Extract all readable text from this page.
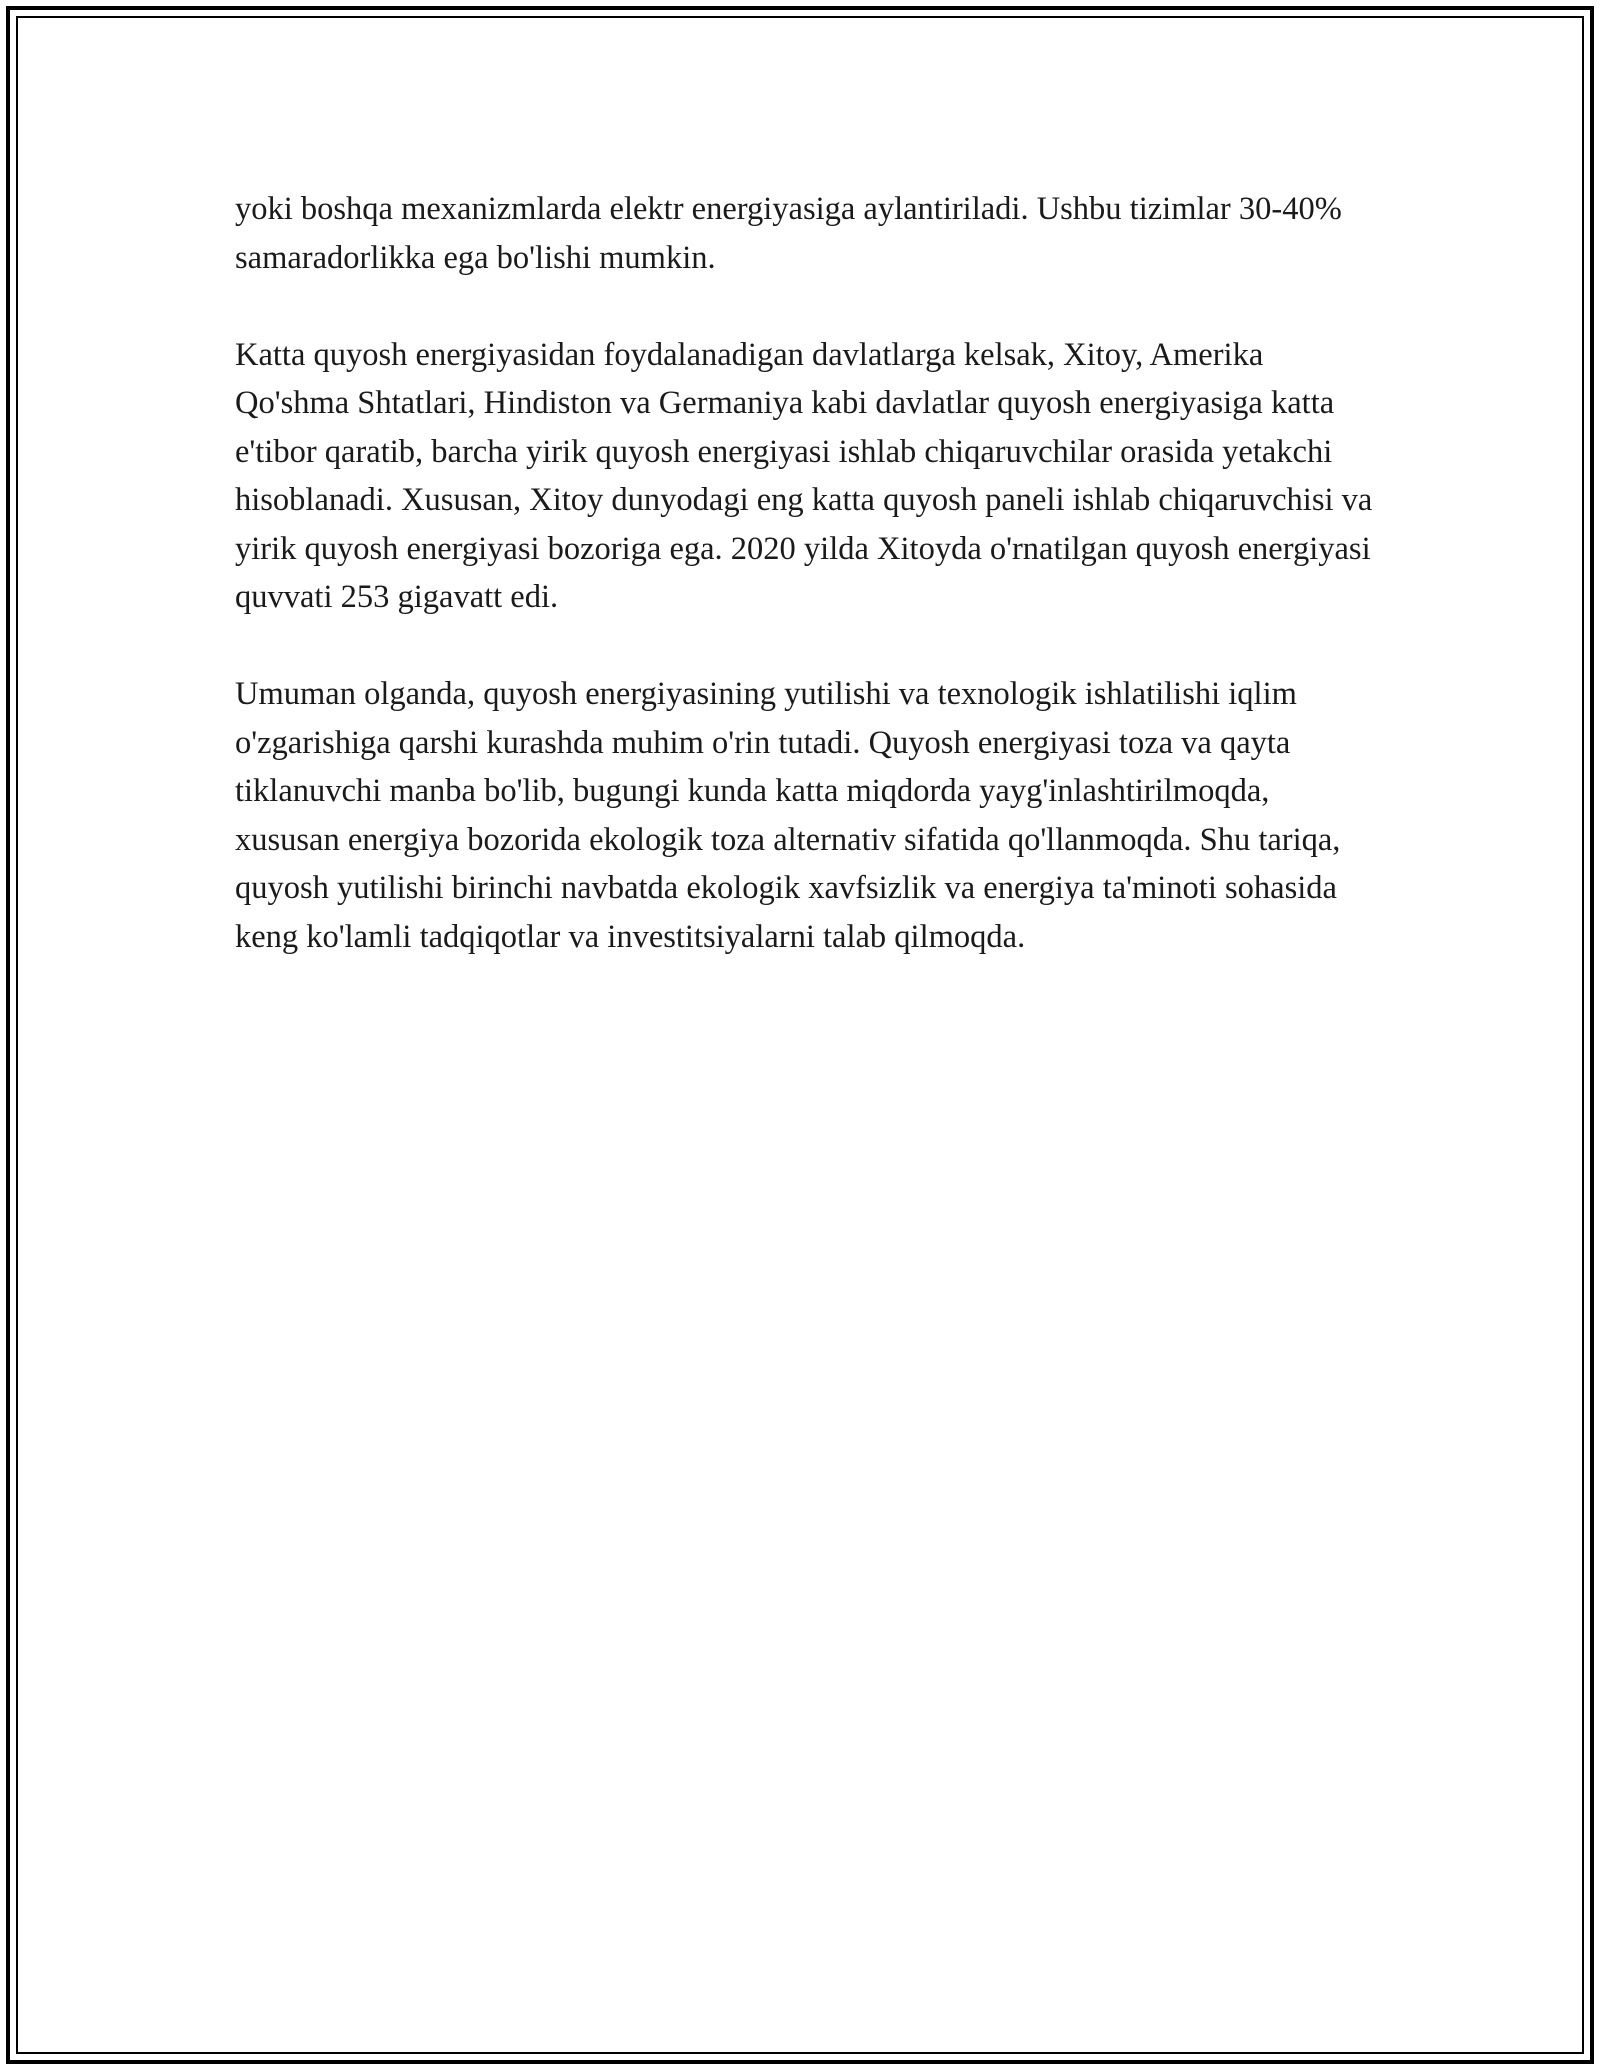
yoki boshqa mexanizmlarda elektr energiyasiga aylantiriladi. Ushbu tizimlar 30-40% samaradorlikka ega bo'lishi mumkin.

Katta quyosh energiyasidan foydalanadigan davlatlarga kelsak, Xitoy, Amerika Qo'shma Shtatlari, Hindiston va Germaniya kabi davlatlar quyosh energiyasiga katta e'tibor qaratib, barcha yirik quyosh energiyasi ishlab chiqaruvchilar orasida yetakchi hisoblanadi. Xususan, Xitoy dunyodagi eng katta quyosh paneli ishlab chiqaruvchisi va yirik quyosh energiyasi bozoriga ega. 2020 yilda Xitoyda o'rnatilgan quyosh energiyasi quvvati 253 gigavatt edi.

Umuman olganda, quyosh energiyasining yutilishi va texnologik ishlatilishi iqlim o'zgarishiga qarshi kurashda muhim o'rin tutadi. Quyosh energiyasi toza va qayta tiklanuvchi manba bo'lib, bugungi kunda katta miqdorda yayg'inlashtirilmoqda, xususan energiya bozorida ekologik toza alternativ sifatida qo'llanmoqda. Shu tariqa, quyosh yutilishi birinchi navbatda ekologik xavfsizlik va energiya ta'minoti sohasida keng ko'lamli tadqiqotlar va investitsiyalarni talab qilmoqda.
